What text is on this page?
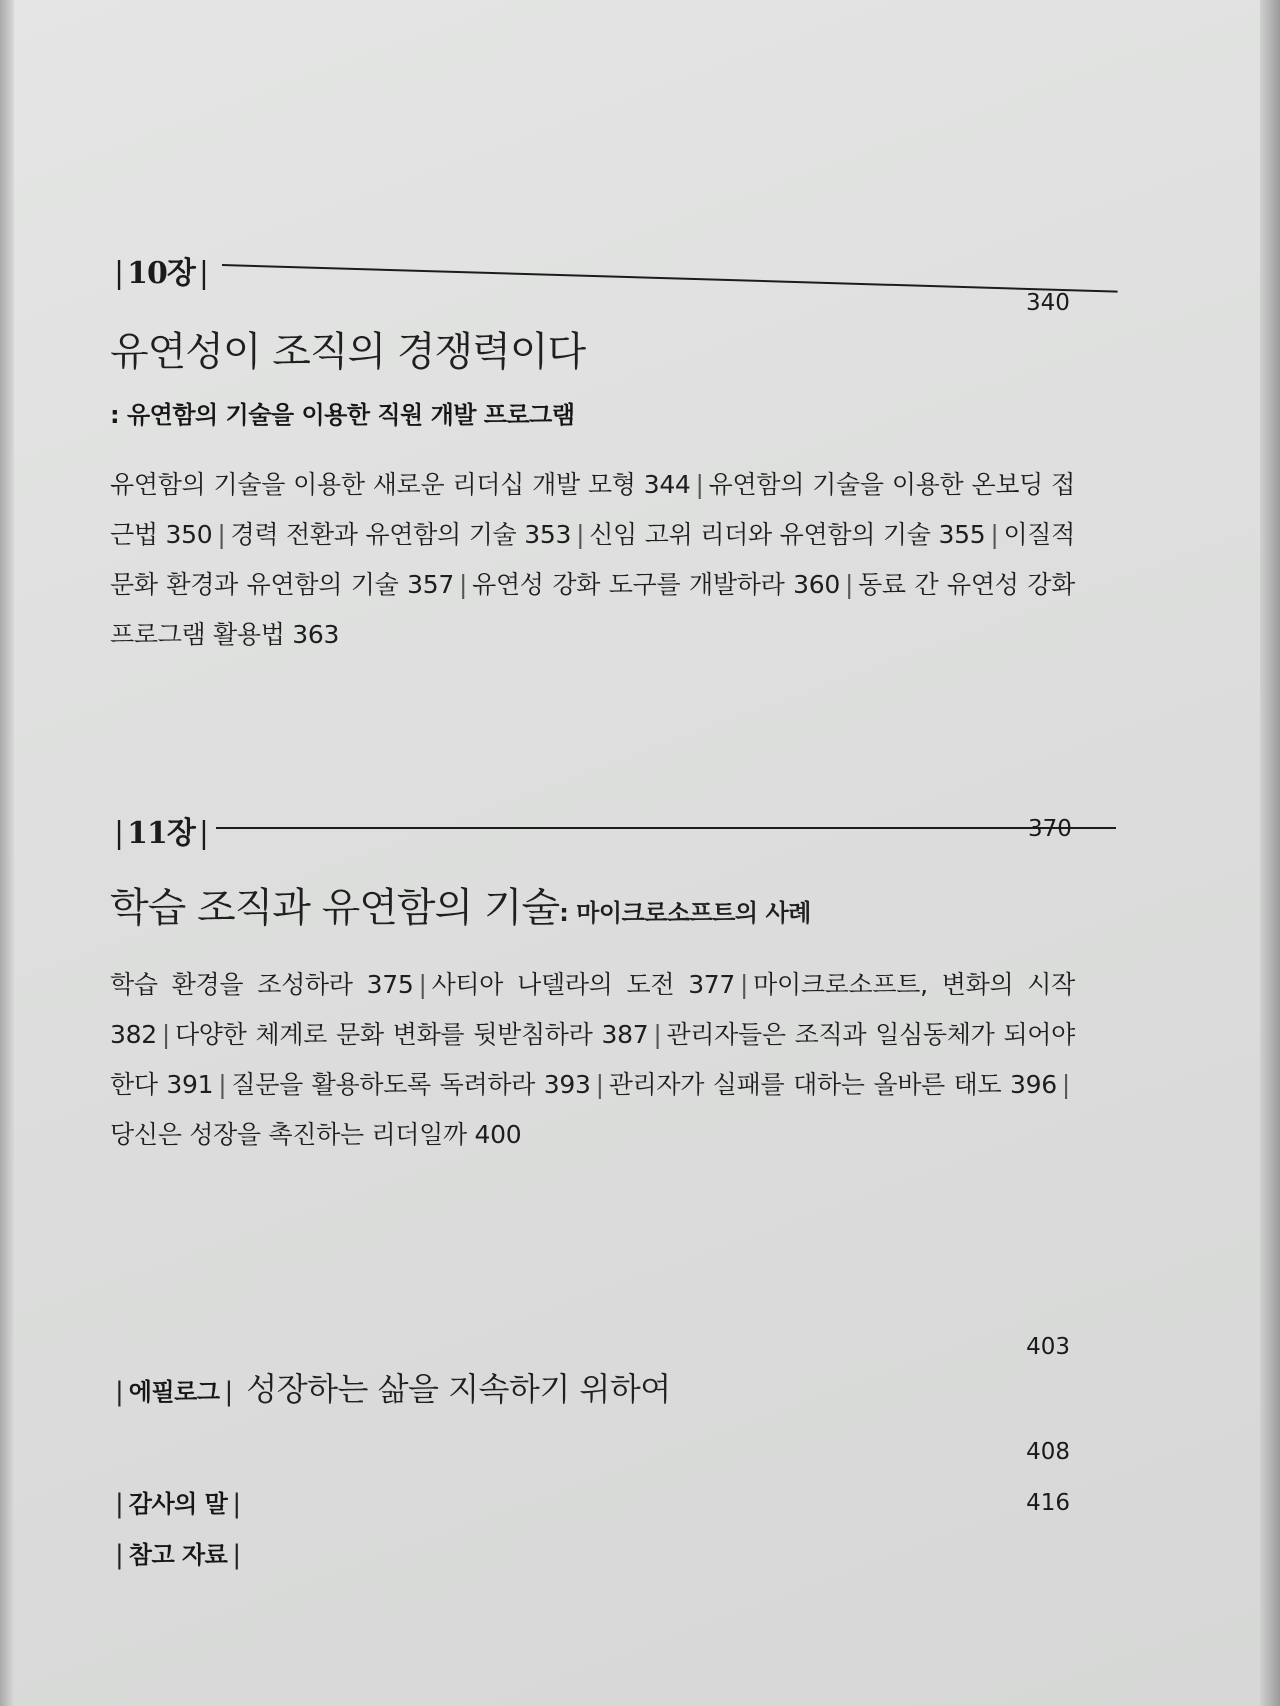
| 10장 |
340
유연성이 조직의 경쟁력이다
: 유연함의 기술을 이용한 직원 개발 프로그램
유연함의 기술을 이용한 새로운 리더십 개발 모형 344 | 유연함의 기술을 이용한 온보딩 접근법 350 | 경력 전환과 유연함의 기술 353 | 신임 고위 리더와 유연함의 기술 355 | 이질적 문화 환경과 유연함의 기술 357 | 유연성 강화 도구를 개발하라 360 | 동료 간 유연성 강화 프로그램 활용법 363
| 11장 |	370
학습 조직과 유연함의 기술: 마이크로소프트의 사례
학습 환경을 조성하라 375 | 사티아 나델라의 도전 377 | 마이크로소프트, 변화의 시작 382 | 다양한 체계로 문화 변화를 뒷받침하라 387 | 관리자들은 조직과 일심동체가 되어야 한다 391 | 질문을 활용하도록 독려하라 393 | 관리자가 실패를 대하는 올바른 태도 396 |당신은 성장을 촉진하는 리더일까 400
403
| 에필로그 | 성장하는 삶을 지속하기 위하여
408
| 감사의 말 |	416
| 참고 자료 |
